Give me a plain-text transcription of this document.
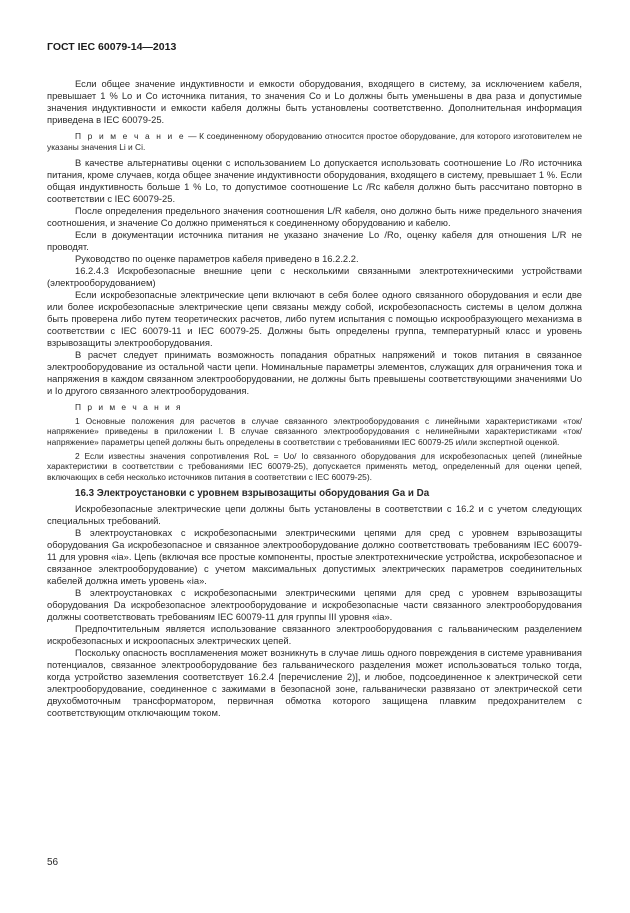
ГОСТ IEC 60079-14—2013

Если общее значение индуктивности и емкости оборудования, входящего в систему, за исключением кабеля, превышает 1 % Lo и Co источника питания, то значения Co и Lo должны быть уменьшены в два раза и допустимые значения индуктивности и емкости кабеля должны быть установлены соответственно. Дополнительная информация приведена в IEC 60079-25.

П р и м е ч а н и е — К соединенному оборудованию относится простое оборудование, для которого изготовителем не указаны значения Li и Ci.

В качестве альтернативы оценки с использованием Lo допускается использовать соотношение Lo /Ro источника питания, кроме случаев, когда общее значение индуктивности оборудования, входящего в систему, превышает 1 %. Если общая индуктивность больше 1 % Lo, то допустимое соотношение Lc /Rc кабеля должно быть рассчитано повторно в соответствии с IEC 60079-25.

После определения предельного значения соотношения L/R кабеля, оно должно быть ниже предельного значения соотношения, и значение Co должно применяться к соединенному оборудованию и кабелю.

Если в документации источника питания не указано значение Lo /Ro, оценку кабеля для отношения L/R не проводят.

Руководство по оценке параметров кабеля приведено в 16.2.2.2.

16.2.4.3 Искробезопасные внешние цепи с несколькими связанными электротехническими устройствами (электрооборудованием)

Если искробезопасные электрические цепи включают в себя более одного связанного оборудования и если две или более искробезопасные электрические цепи связаны между собой, искробезопасность системы в целом должна быть проверена либо путем теоретических расчетов, либо путем испытания с помощью искрообразующего механизма в соответствии с IEC 60079-11 и IEC 60079-25. Должны быть определены группа, температурный класс и уровень взрывозащиты электрооборудования.

В расчет следует принимать возможность попадания обратных напряжений и токов питания в связанное электрооборудование из остальной части цепи. Номинальные параметры элементов, служащих для ограничения тока и напряжения в каждом связанном электрооборудовании, не должны быть превышены соответствующими значениями Uo и Io другого связанного электрооборудования.

П р и м е ч а н и я

1 Основные положения для расчетов в случае связанного электрооборудования с линейными характеристиками «ток/напряжение» приведены в приложении I. В случае связанного электрооборудования с нелинейными характеристиками «ток/напряжение» параметры цепей должны быть определены в соответствии с требованиями IEC 60079-25 и/или экспертной оценкой.

2 Если известны значения сопротивления RoL = Uo/ Io связанного оборудования для искробезопасных цепей (линейные характеристики в соответствии с требованиями IEC 60079-25), допускается применять метод, определенный для оценки цепей, включающих в себя несколько источников питания в соответствии с IEC 60079-25).

16.3 Электроустановки с уровнем взрывозащиты оборудования Ga и Da

Искробезопасные электрические цепи должны быть установлены в соответствии с 16.2 и с учетом следующих специальных требований.

В электроустановках с искробезопасными электрическими цепями для сред с уровнем взрывозащиты оборудования Ga искробезопасное и связанное электрооборудование должно соответствовать требованиям IEC 60079-11 для уровня «ia». Цепь (включая все простые компоненты, простые электротехнические устройства, искробезопасное и связанное электрооборудование) с учетом максимальных допустимых электрических параметров соединительных кабелей должна иметь уровень «ia».

В электроустановках с искробезопасными электрическими цепями для сред с уровнем взрывозащиты оборудования Da искробезопасное электрооборудование и искробезопасные части связанного электрооборудования должны соответствовать требованиям IEC 60079-11 для группы III уровня «ia».

Предпочтительным является использование связанного электрооборудования с гальваническим разделением искробезопасных и искроопасных электрических цепей.

Поскольку опасность воспламенения может возникнуть в случае лишь одного повреждения в системе уравнивания потенциалов, связанное электрооборудование без гальванического разделения может использоваться только тогда, когда устройство заземления соответствует 16.2.4 [перечисление 2)], и любое, подсоединенное к электрической сети электрооборудование, соединенное с зажимами в безопасной зоне, гальванически развязано от электрической сети двухобмоточным трансформатором, первичная обмотка которого защищена плавким предохранителем с соответствующим отключающим током.

56
